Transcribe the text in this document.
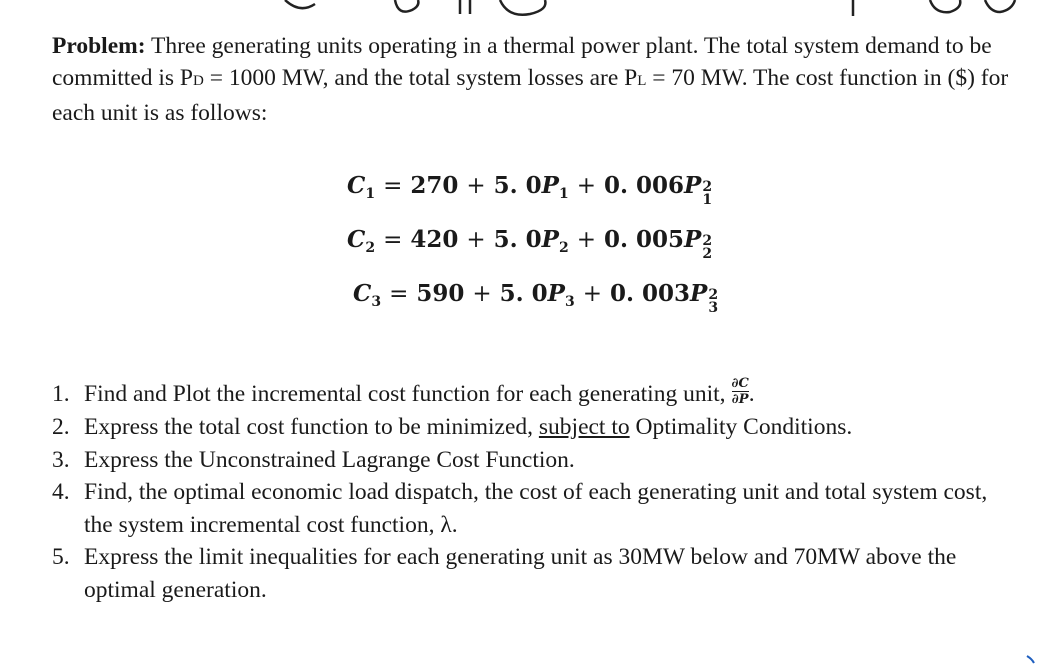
Problem: Three generating units operating in a thermal power plant. The total system demand to be committed is PD = 1000 MW, and the total system losses are PL = 70 MW. The cost function in ($) for each unit is as follows:
C 1 = 270 + 5. 0 P 1 + 0. 006 P 2
1
C 2 = 420 + 5. 0 P 2 + 0. 005 P 2
2
C 3 = 590 + 5. 0 P 3 + 0. 003 P 2
3
1. Find and Plot the incremental cost function for each generating unit, $\frac{\partial C}{\partial P}$ .
2. Express the total cost function to be minimized, subject to Optimality Conditions.
3. Express the Unconstrained Lagrange Cost Function.
4. Find, the optimal economic load dispatch, the cost of each generating unit and total system cost, the system incremental cost function, λ.
5. Express the limit inequalities for each generating unit as 30MW below and 70MW above the optimal generation.
